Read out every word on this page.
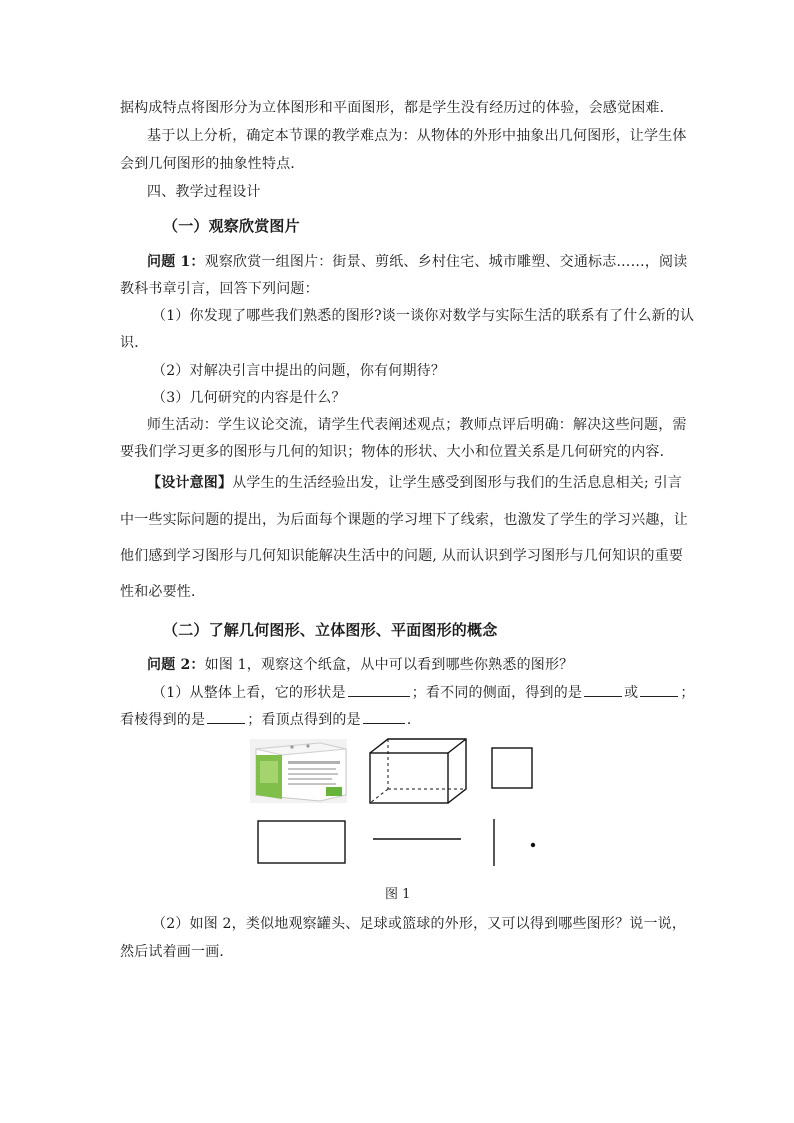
据构成特点将图形分为立体图形和平面图形，都是学生没有经历过的体验，会感觉困难．
基于以上分析，确定本节课的教学难点为：从物体的外形中抽象出几何图形，让学生体
会到几何图形的抽象性特点．
四、教学过程设计
（一）观察欣赏图片
问题 1：观察欣赏一组图片：街景、剪纸、乡村住宅、城市雕塑、交通标志……，阅读
教科书章引言，回答下列问题：
（1）你发现了哪些我们熟悉的图形?谈一谈你对数学与实际生活的联系有了什么新的认
识．
（2）对解决引言中提出的问题，你有何期待？
（3）几何研究的内容是什么？
师生活动：学生议论交流，请学生代表阐述观点；教师点评后明确：解决这些问题，需
要我们学习更多的图形与几何的知识；物体的形状、大小和位置关系是几何研究的内容．
【设计意图】从学生的生活经验出发，让学生感受到图形与我们的生活息息相关; 引言
中一些实际问题的提出，为后面每个课题的学习埋下了线索，也激发了学生的学习兴趣，让
他们感到学习图形与几何知识能解决生活中的问题, 从而认识到学习图形与几何知识的重要
性和必要性．
（二）了解几何图形、立体图形、平面图形的概念
问题 2：如图 1，观察这个纸盒，从中可以看到哪些你熟悉的图形？
（1）从整体上看，它的形状是	；看不同的侧面，得到的是	或	；
看棱得到的是	；看顶点得到的是	．
图 1
（2）如图 2，类似地观察罐头、足球或篮球的外形，又可以得到哪些图形？说一说，
然后试着画一画．
